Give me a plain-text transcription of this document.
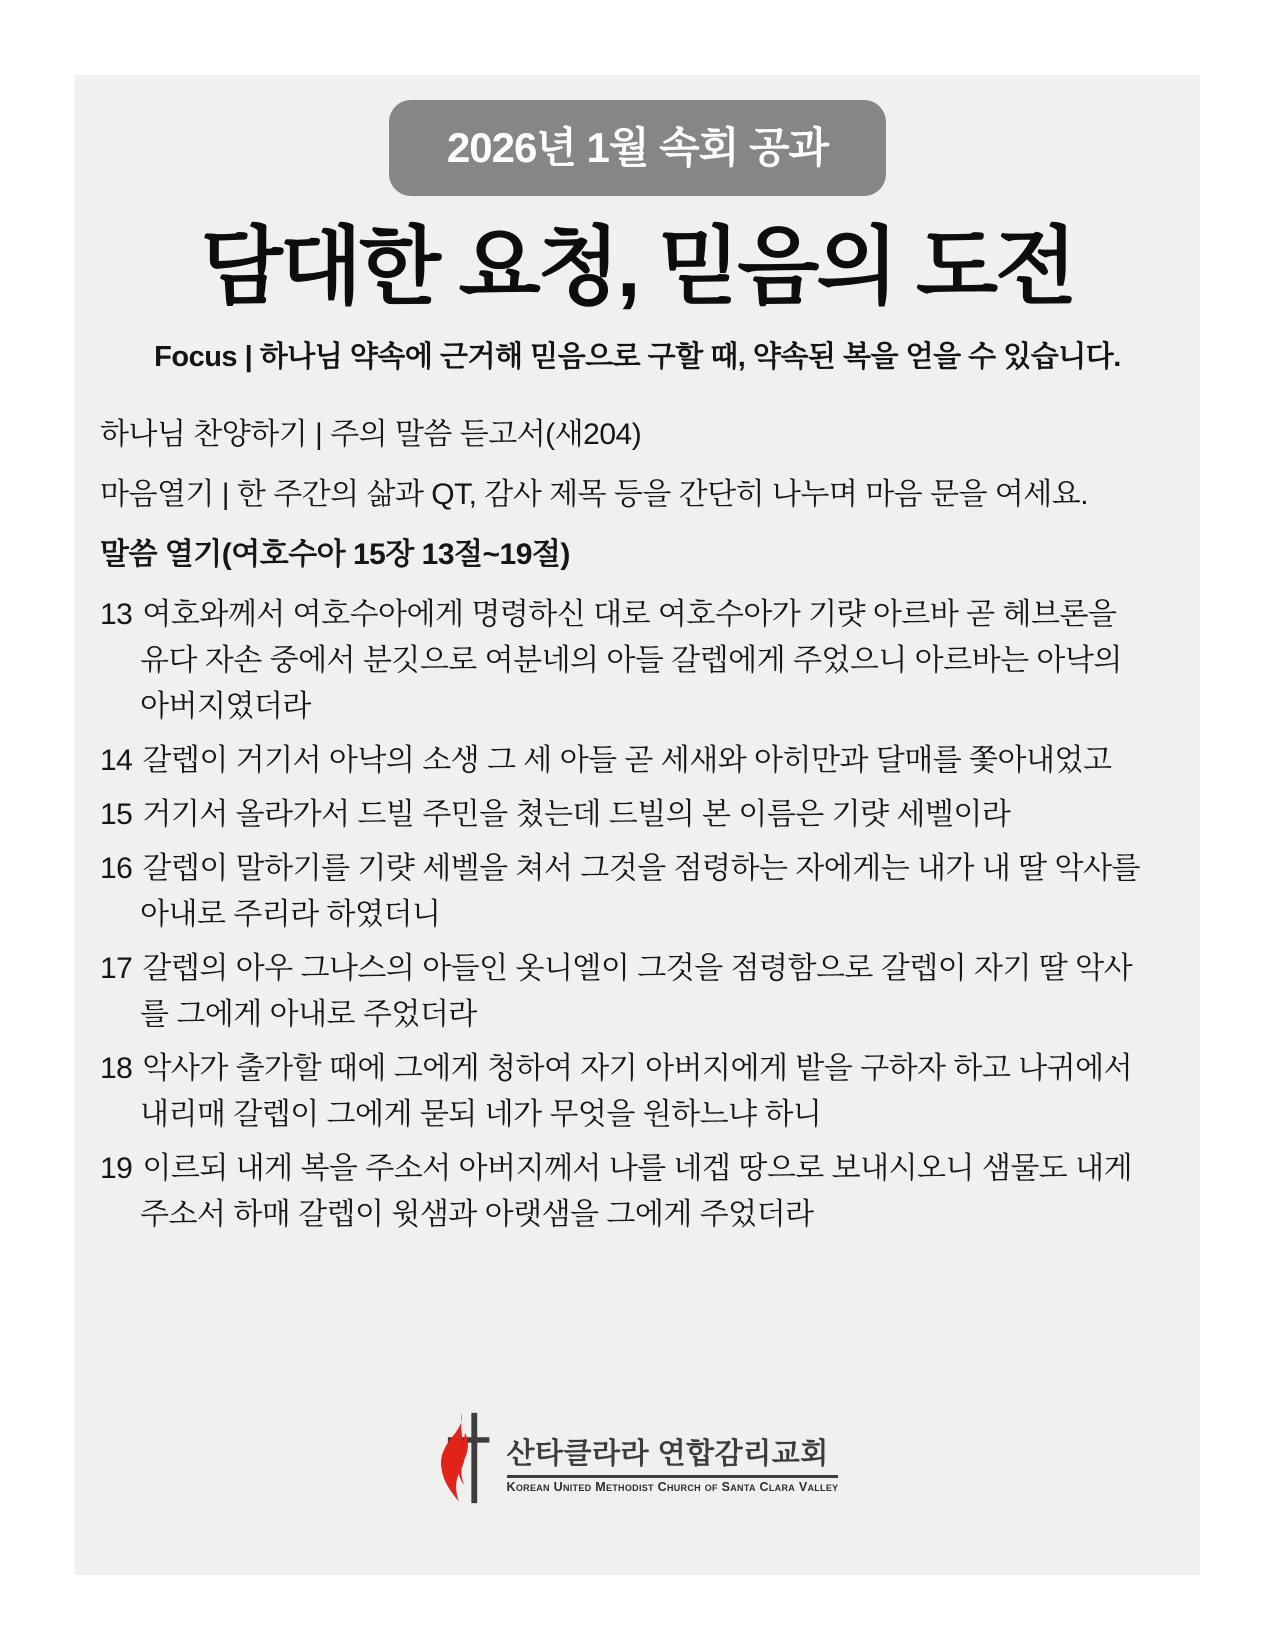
2026년 1월 속회 공과
담대한 요청, 믿음의 도전
Focus | 하나님 약속에 근거해 믿음으로 구할 때, 약속된 복을 얻을 수 있습니다.

하나님 찬양하기 | 주의 말씀 듣고서(새204)

마음열기 | 한 주간의 삶과 QT, 감사 제목 등을 간단히 나누며 마음 문을 여세요.

말씀 열기(여호수아 15장 13절~19절)

13 여호와께서 여호수아에게 명령하신 대로 여호수아가 기럇 아르바 곧 헤브론을 유다 자손 중에서 분깃으로 여분네의 아들 갈렙에게 주었으니 아르바는 아낙의 아버지였더라

14 갈렙이 거기서 아낙의 소생 그 세 아들 곧 세새와 아히만과 달매를 쫓아내었고

15 거기서 올라가서 드빌 주민을 쳤는데 드빌의 본 이름은 기럇 세벨이라

16 갈렙이 말하기를 기럇 세벨을 쳐서 그것을 점령하는 자에게는 내가 내 딸 악사를 아내로 주리라 하였더니

17 갈렙의 아우 그나스의 아들인 옷니엘이 그것을 점령함으로 갈렙이 자기 딸 악사를 그에게 아내로 주었더라

18 악사가 출가할 때에 그에게 청하여 자기 아버지에게 밭을 구하자 하고 나귀에서 내리매 갈렙이 그에게 묻되 네가 무엇을 원하느냐 하니

19 이르되 내게 복을 주소서 아버지께서 나를 네겝 땅으로 보내시오니 샘물도 내게 주소서 하매 갈렙이 윗샘과 아랫샘을 그에게 주었더라

산타클라라 연합감리교회
Korean United Methodist Church of Santa Clara Valley
